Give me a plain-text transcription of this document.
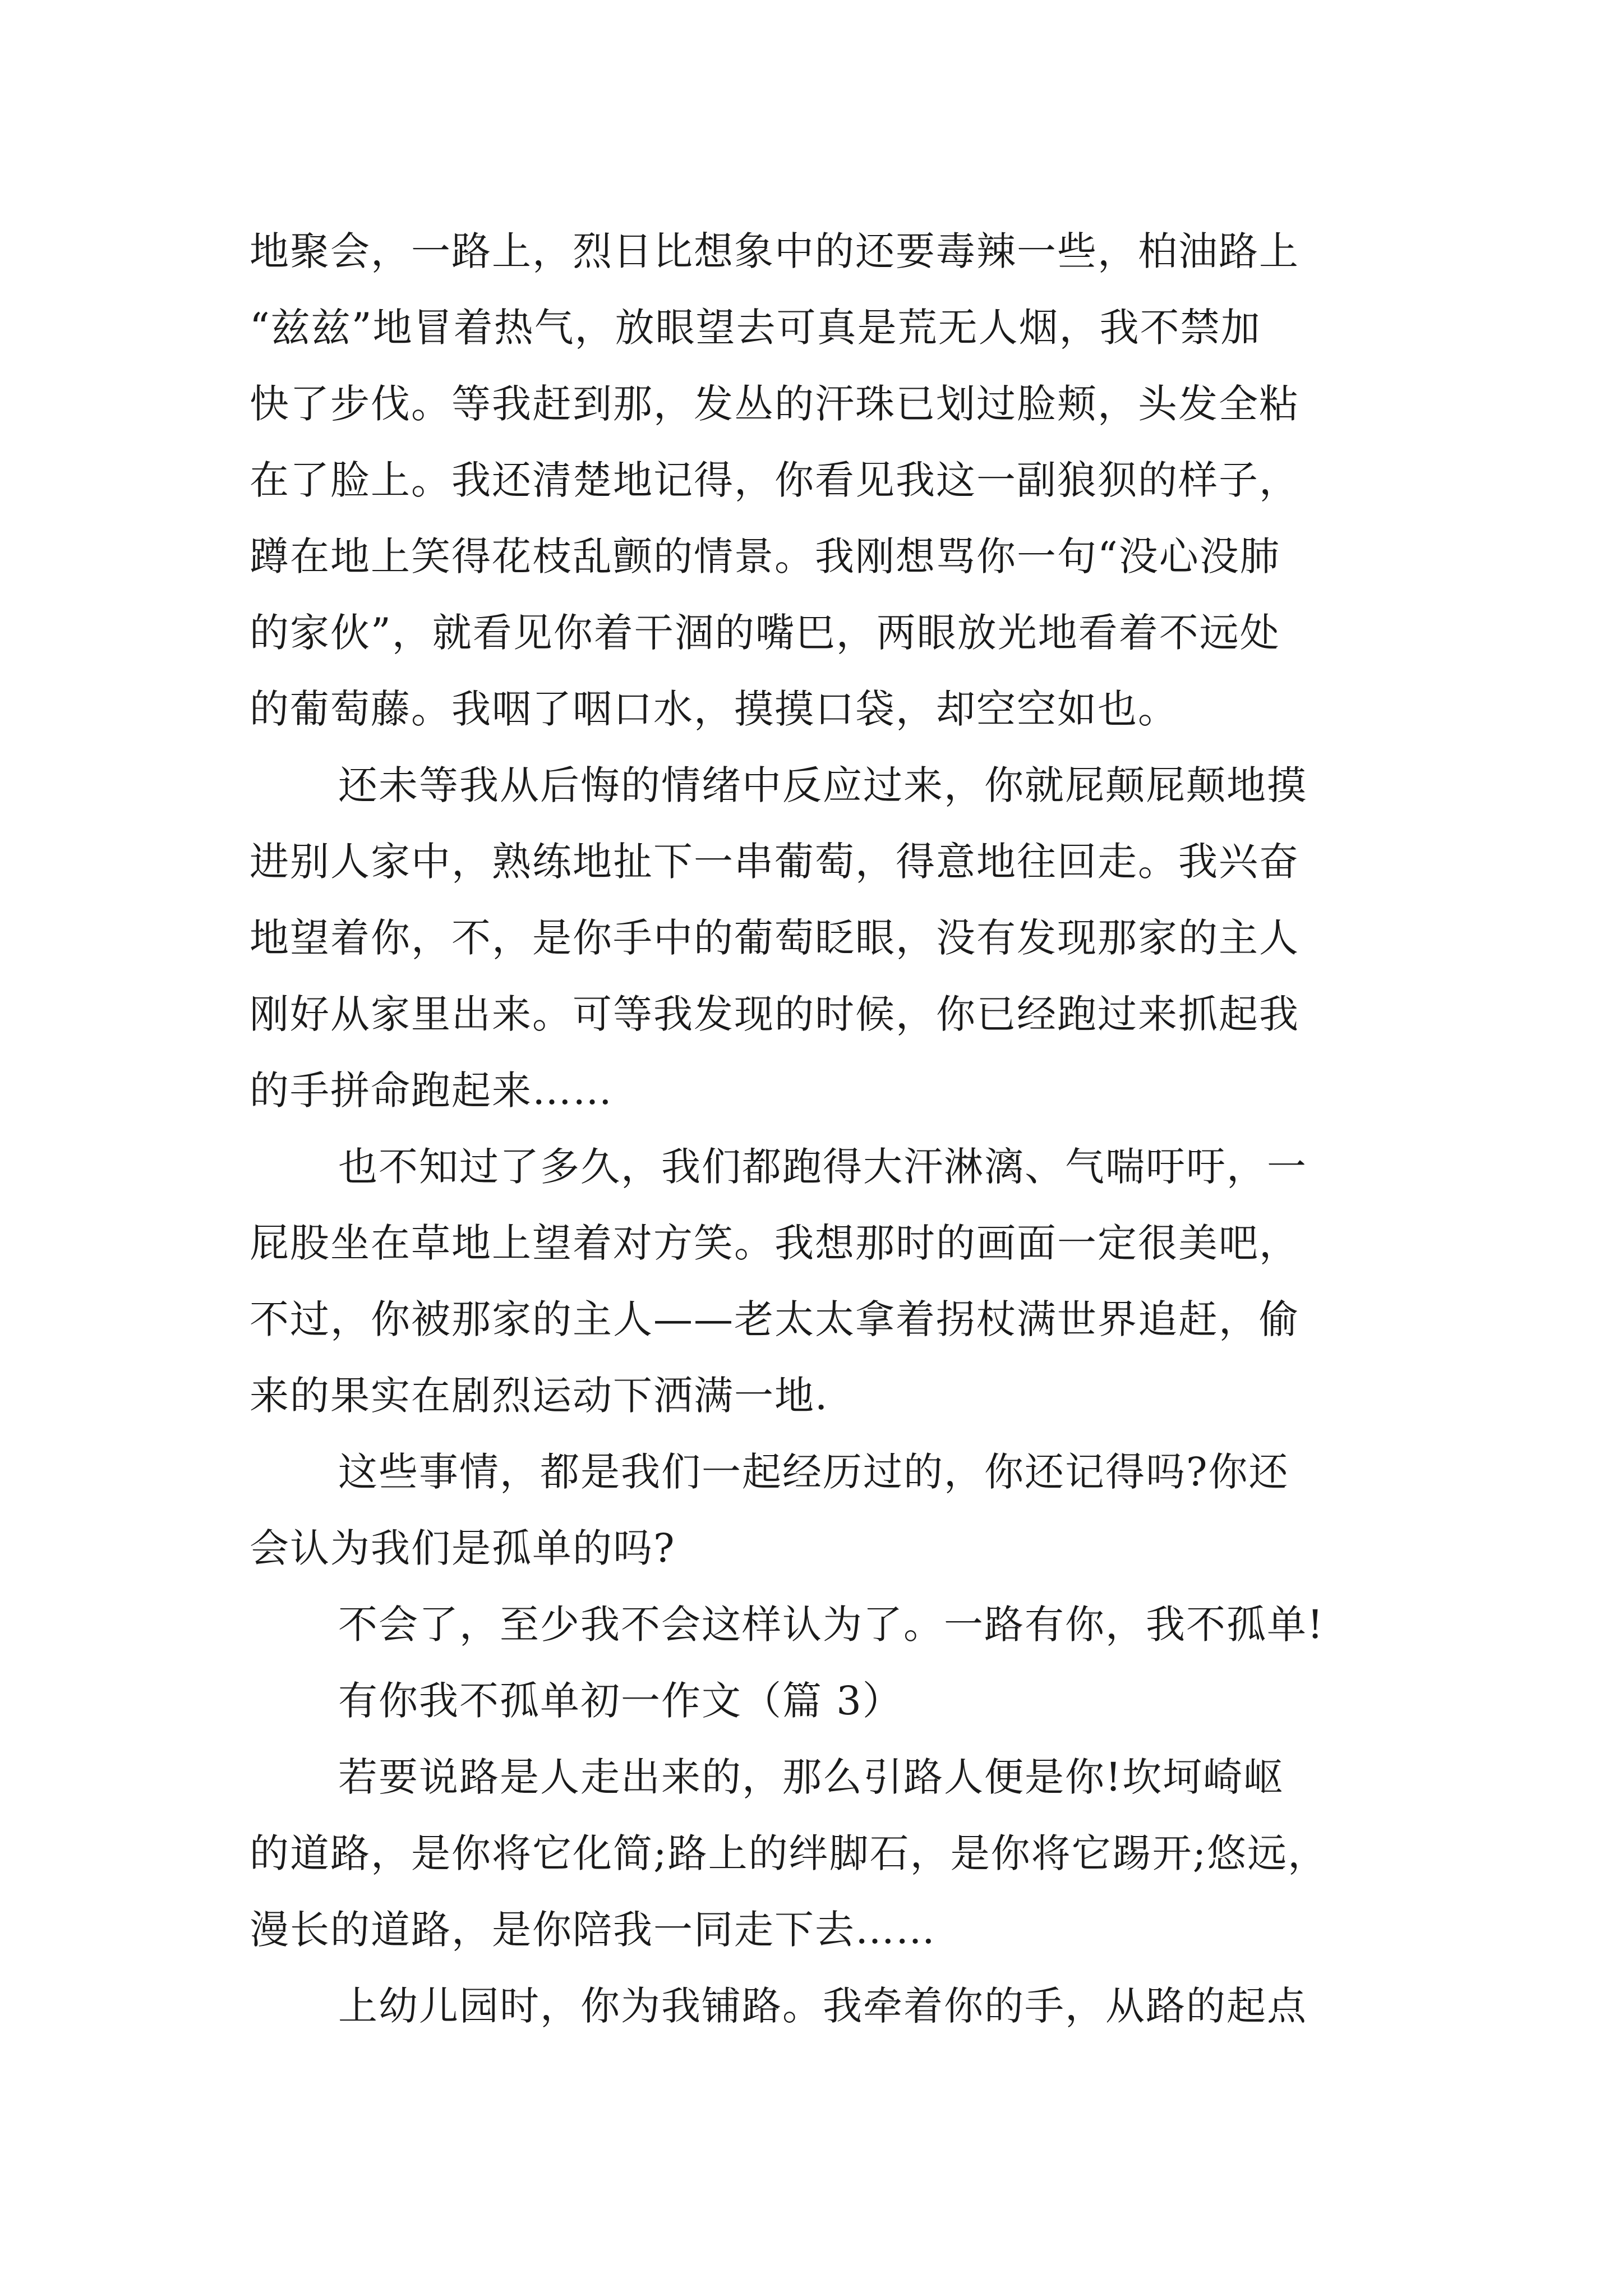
地聚会，一路上，烈日比想象中的还要毒辣一些，柏油路上
“兹兹”地冒着热气，放眼望去可真是荒无人烟，我不禁加
快了步伐。等我赶到那，发丛的汗珠已划过脸颊，头发全粘
在了脸上。我还清楚地记得，你看见我这一副狼狈的样子，
蹲在地上笑得花枝乱颤的情景。我刚想骂你一句“没心没肺
的家伙”，就看见你着干涸的嘴巴，两眼放光地看着不远处
的葡萄藤。我咽了咽口水，摸摸口袋，却空空如也。
还未等我从后悔的情绪中反应过来，你就屁颠屁颠地摸
进别人家中，熟练地扯下一串葡萄，得意地往回走。我兴奋
地望着你，不，是你手中的葡萄眨眼，没有发现那家的主人
刚好从家里出来。可等我发现的时候，你已经跑过来抓起我
的手拼命跑起来……
也不知过了多久，我们都跑得大汗淋漓、气喘吁吁，一
屁股坐在草地上望着对方笑。我想那时的画面一定很美吧，
不过，你被那家的主人——老太太拿着拐杖满世界追赶，偷
来的果实在剧烈运动下洒满一地.
这些事情，都是我们一起经历过的，你还记得吗?你还
会认为我们是孤单的吗?
不会了，至少我不会这样认为了。一路有你，我不孤单!
有你我不孤单初一作文（篇 3）
若要说路是人走出来的，那么引路人便是你!坎坷崎岖
的道路，是你将它化简;路上的绊脚石，是你将它踢开;悠远，
漫长的道路，是你陪我一同走下去……
上幼儿园时，你为我铺路。我牵着你的手，从路的起点
